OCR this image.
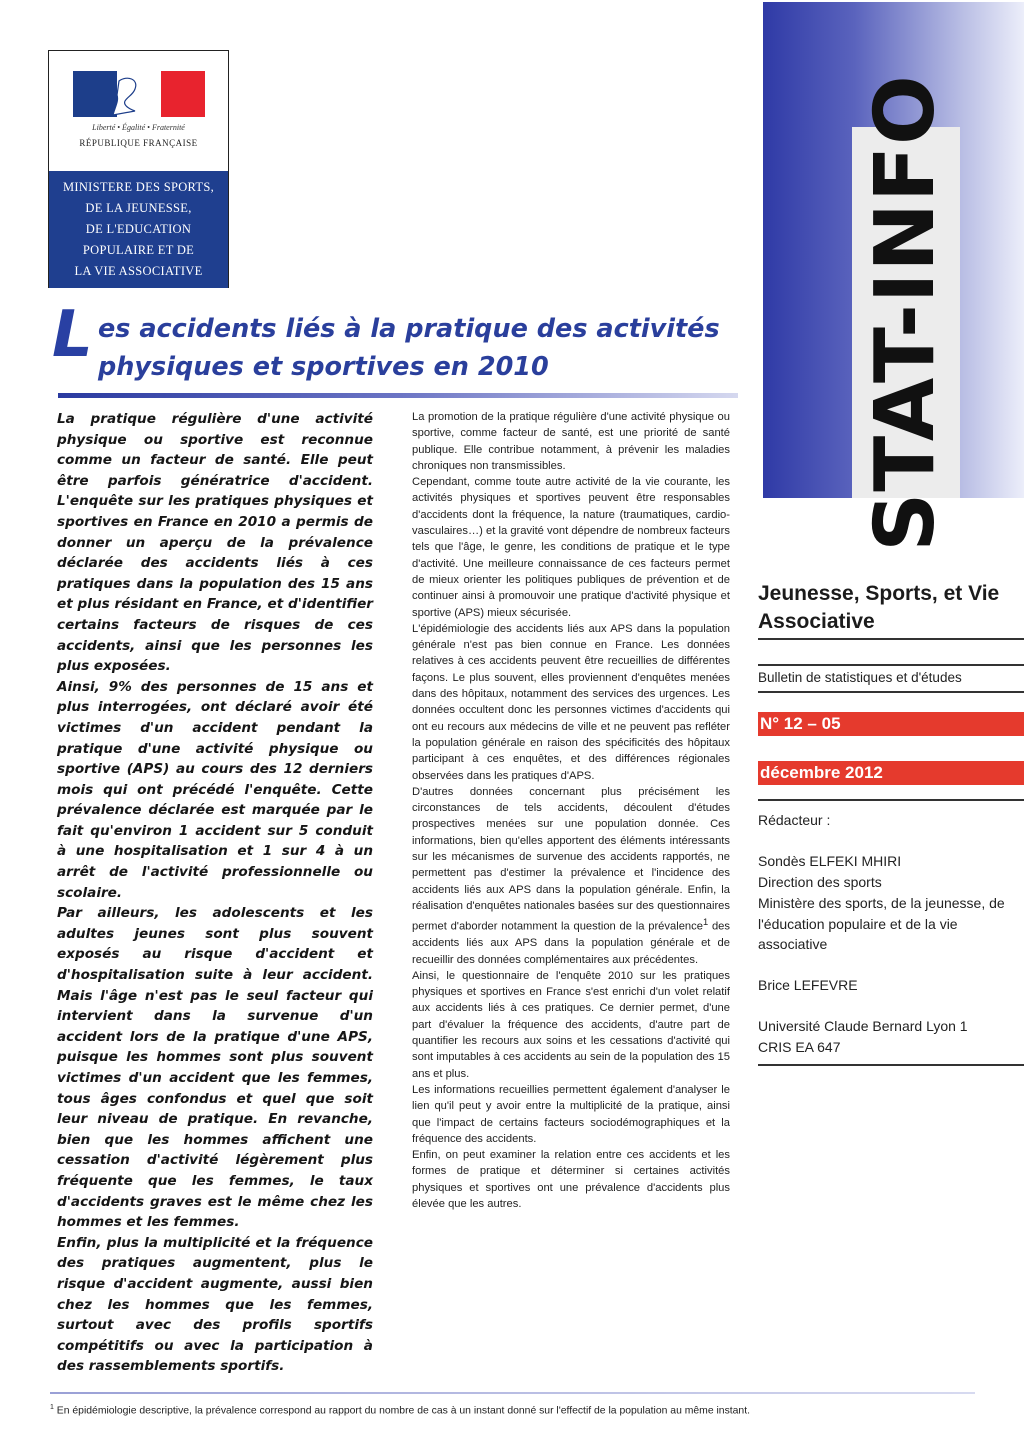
Liberté • Égalité • Fraternité
RÉPUBLIQUE FRANÇAISE
MINISTERE DES SPORTS,
DE LA JEUNESSE,
DE L'EDUCATION
POPULAIRE ET DE
LA VIE ASSOCIATIVE	STAT-INFO
Jeunesse, Sports, et Vie Associative
Bulletin de statistiques et d'études
N° 12 – 05
décembre 2012
Rédacteur :
Sondès ELFEKI MHIRI
Direction des sports
Ministère des sports, de la jeunesse, de l'éducation populaire et de la vie associative
Brice LEFEVRE
Université Claude Bernard Lyon 1
CRIS EA 647
L es accidents liés à la pratique des activités physiques et sportives en 2010

La pratique régulière d'une activité physique ou sportive est reconnue comme un facteur de santé. Elle peut être parfois génératrice d'accident. L'enquête sur les pratiques physiques et sportives en France en 2010 a permis de donner un aperçu de la prévalence déclarée des accidents liés à ces pratiques dans la population des 15 ans et plus résidant en France, et d'identifier certains facteurs de risques de ces accidents, ainsi que les personnes les plus exposées.

Ainsi, 9% des personnes de 15 ans et plus interrogées, ont déclaré avoir été victimes d'un accident pendant la pratique d'une activité physique ou sportive (APS) au cours des 12 derniers mois qui ont précédé l'enquête. Cette prévalence déclarée est marquée par le fait qu'environ 1 accident sur 5 conduit à une hospitalisation et 1 sur 4 à un arrêt de l'activité professionnelle ou scolaire.

Par ailleurs, les adolescents et les adultes jeunes sont plus souvent exposés au risque d'accident et d'hospitalisation suite à leur accident. Mais l'âge n'est pas le seul facteur qui intervient dans la survenue d'un accident lors de la pratique d'une APS, puisque les hommes sont plus souvent victimes d'un accident que les femmes, tous âges confondus et quel que soit leur niveau de pratique. En revanche, bien que les hommes affichent une cessation d'activité légèrement plus fréquente que les femmes, le taux d'accidents graves est le même chez les hommes et les femmes.

Enfin, plus la multiplicité et la fréquence des pratiques augmentent, plus le risque d'accident augmente, aussi bien chez les hommes que les femmes, surtout avec des profils sportifs compétitifs ou avec la participation à des rassemblements sportifs.

La promotion de la pratique régulière d'une activité physique ou sportive, comme facteur de santé, est une priorité de santé publique. Elle contribue notamment, à prévenir les maladies chroniques non transmissibles.

Cependant, comme toute autre activité de la vie courante, les activités physiques et sportives peuvent être responsables d'accidents dont la fréquence, la nature (traumatiques, cardio-vasculaires…) et la gravité vont dépendre de nombreux facteurs tels que l'âge, le genre, les conditions de pratique et le type d'activité. Une meilleure connaissance de ces facteurs permet de mieux orienter les politiques publiques de prévention et de continuer ainsi à promouvoir une pratique d'activité physique et sportive (APS) mieux sécurisée.

L'épidémiologie des accidents liés aux APS dans la population générale n'est pas bien connue en France. Les données relatives à ces accidents peuvent être recueillies de différentes façons. Le plus souvent, elles proviennent d'enquêtes menées dans des hôpitaux, notamment des services des urgences. Les données occultent donc les personnes victimes d'accidents qui ont eu recours aux médecins de ville et ne peuvent pas refléter la population générale en raison des spécificités des hôpitaux participant à ces enquêtes, et des différences régionales observées dans les pratiques d'APS.

D'autres données concernant plus précisément les circonstances de tels accidents, découlent d'études prospectives menées sur une population donnée. Ces informations, bien qu'elles apportent des éléments intéressants sur les mécanismes de survenue des accidents rapportés, ne permettent pas d'estimer la prévalence et l'incidence des accidents liés aux APS dans la population générale. Enfin, la réalisation d'enquêtes nationales basées sur des questionnaires permet d'aborder notamment la question de la prévalence$^1$ des accidents liés aux APS dans la population générale et de recueillir des données complémentaires aux précédentes.

Ainsi, le questionnaire de l'enquête 2010 sur les pratiques physiques et sportives en France s'est enrichi d'un volet relatif aux accidents liés à ces pratiques. Ce dernier permet, d'une part d'évaluer la fréquence des accidents, d'autre part de quantifier les recours aux soins et les cessations d'activité qui sont imputables à ces accidents au sein de la population des 15 ans et plus.

Les informations recueillies permettent également d'analyser le lien qu'il peut y avoir entre la multiplicité de la pratique, ainsi que l'impact de certains facteurs sociodémographiques et la fréquence des accidents.

Enfin, on peut examiner la relation entre ces accidents et les formes de pratique et déterminer si certaines activités physiques et sportives ont une prévalence d'accidents plus élevée que les autres.

$^1$ En épidémiologie descriptive, la prévalence correspond au rapport du nombre de cas à un instant donné sur l'effectif de la population au même instant.
